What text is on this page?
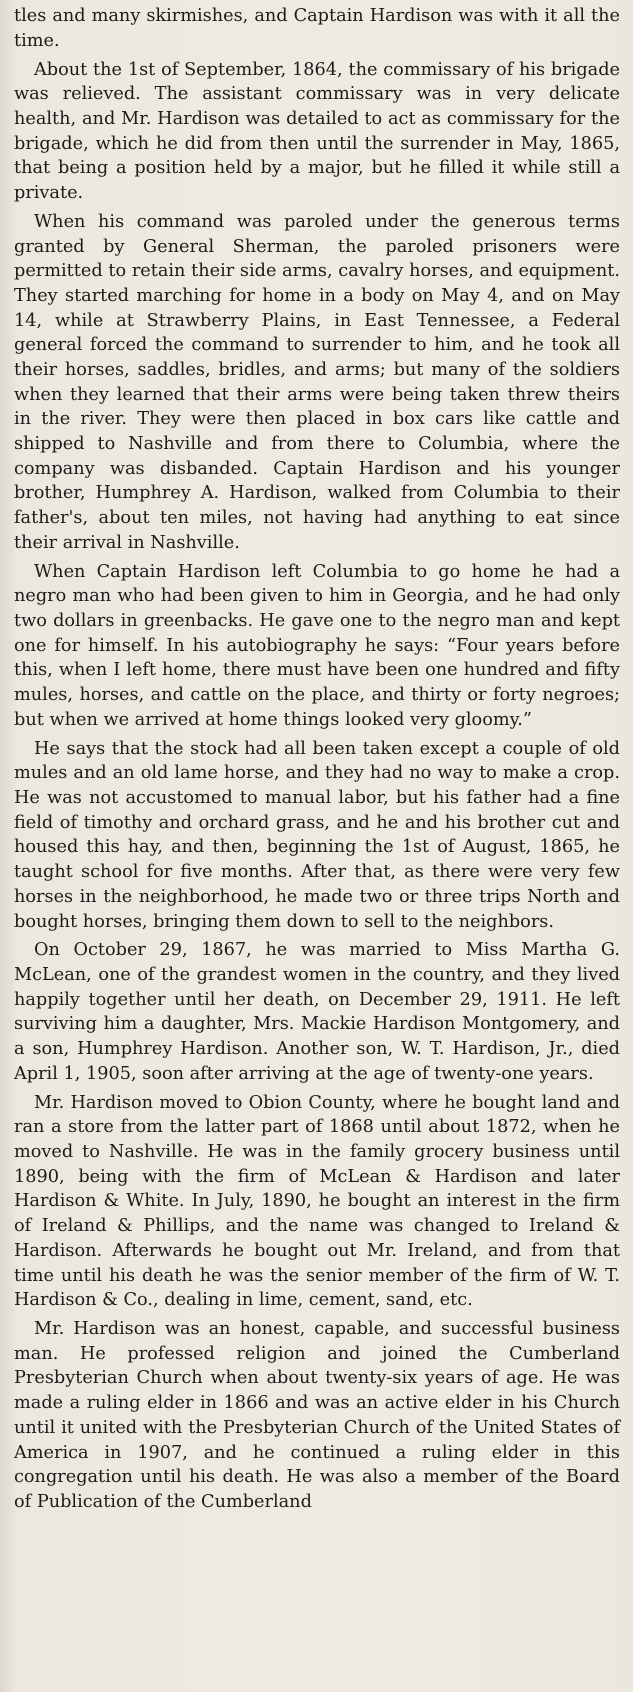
tles and many skirmishes, and Captain Hardison was with it all the time.

About the 1st of September, 1864, the commissary of his brigade was relieved. The assistant commissary was in very delicate health, and Mr. Hardison was detailed to act as commissary for the brigade, which he did from then until the surrender in May, 1865, that being a position held by a major, but he filled it while still a private.

When his command was paroled under the generous terms granted by General Sherman, the paroled prisoners were permitted to retain their side arms, cavalry horses, and equipment. They started marching for home in a body on May 4, and on May 14, while at Strawberry Plains, in East Tennessee, a Federal general forced the command to surrender to him, and he took all their horses, saddles, bridles, and arms; but many of the soldiers when they learned that their arms were being taken threw theirs in the river. They were then placed in box cars like cattle and shipped to Nashville and from there to Columbia, where the company was disbanded. Captain Hardison and his younger brother, Humphrey A. Hardison, walked from Columbia to their father's, about ten miles, not having had anything to eat since their arrival in Nashville.

When Captain Hardison left Columbia to go home he had a negro man who had been given to him in Georgia, and he had only two dollars in greenbacks. He gave one to the negro man and kept one for himself. In his autobiography he says: “Four years before this, when I left home, there must have been one hundred and fifty mules, horses, and cattle on the place, and thirty or forty negroes; but when we arrived at home things looked very gloomy.”

He says that the stock had all been taken except a couple of old mules and an old lame horse, and they had no way to make a crop. He was not accustomed to manual labor, but his father had a fine field of timothy and orchard grass, and he and his brother cut and housed this hay, and then, beginning the 1st of August, 1865, he taught school for five months. After that, as there were very few horses in the neighborhood, he made two or three trips North and bought horses, bringing them down to sell to the neighbors.

On October 29, 1867, he was married to Miss Martha G. McLean, one of the grandest women in the country, and they lived happily together until her death, on December 29, 1911. He left surviving him a daughter, Mrs. Mackie Hardison Montgomery, and a son, Humphrey Hardison. Another son, W. T. Hardison, Jr., died April 1, 1905, soon after arriving at the age of twenty-one years.

Mr. Hardison moved to Obion County, where he bought land and ran a store from the latter part of 1868 until about 1872, when he moved to Nashville. He was in the family grocery business until 1890, being with the firm of McLean & Hardison and later Hardison & White. In July, 1890, he bought an interest in the firm of Ireland & Phillips, and the name was changed to Ireland & Hardison. Afterwards he bought out Mr. Ireland, and from that time until his death he was the senior member of the firm of W. T. Hardison & Co., dealing in lime, cement, sand, etc.

Mr. Hardison was an honest, capable, and successful business man. He professed religion and joined the Cumberland Presbyterian Church when about twenty-six years of age. He was made a ruling elder in 1866 and was an active elder in his Church until it united with the Presbyterian Church of the United States of America in 1907, and he continued a ruling elder in this congregation until his death. He was also a member of the Board of Publication of the Cumberland
